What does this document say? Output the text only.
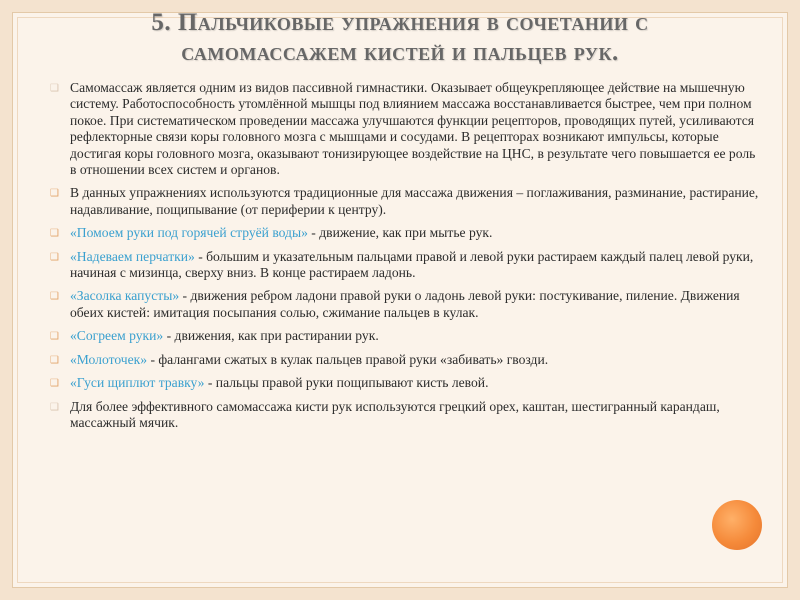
5. Пальчиковые упражнения в сочетании с
самомассажем кистей и пальцев рук.
❑ Самомассаж является одним из видов пассивной гимнастики. Оказывает общеукрепляющее действие на мышечную систему. Работоспособность утомлённой мышцы под влиянием массажа восстанавливается быстрее, чем при полном покое. При систематическом проведении массажа улучшаются функции рецепторов, проводящих путей, усиливаются рефлекторные связи коры головного мозга с мышцами и сосудами. В рецепторах возникают импульсы, которые достигая коры головного мозга, оказывают тонизирующее воздействие на ЦНС, в результате чего повышается ее роль в отношении всех систем и органов.
❑ В данных упражнениях используются традиционные для массажа движения – поглаживания, разминание, растирание, надавливание, пощипывание (от периферии к центру).
❑ «Помоем руки под горячей струёй воды» - движение, как при мытье рук.
❑ «Надеваем перчатки» - большим и указательным пальцами правой и левой руки растираем каждый палец левой руки, начиная с мизинца, сверху вниз. В конце растираем ладонь.
❑ «Засолка капусты» - движения ребром ладони правой руки о ладонь левой руки: постукивание, пиление. Движения обеих кистей: имитация посыпания солью, сжимание пальцев в кулак.
❑ «Согреем руки» - движения, как при растирании рук.
❑ «Молоточек» - фалангами сжатых в кулак пальцев правой руки «забивать» гвозди.
❑ «Гуси щиплют травку» - пальцы правой руки пощипывают кисть левой.
❑ Для более эффективного самомассажа кисти рук используются грецкий орех, каштан, шестигранный карандаш, массажный мячик.
